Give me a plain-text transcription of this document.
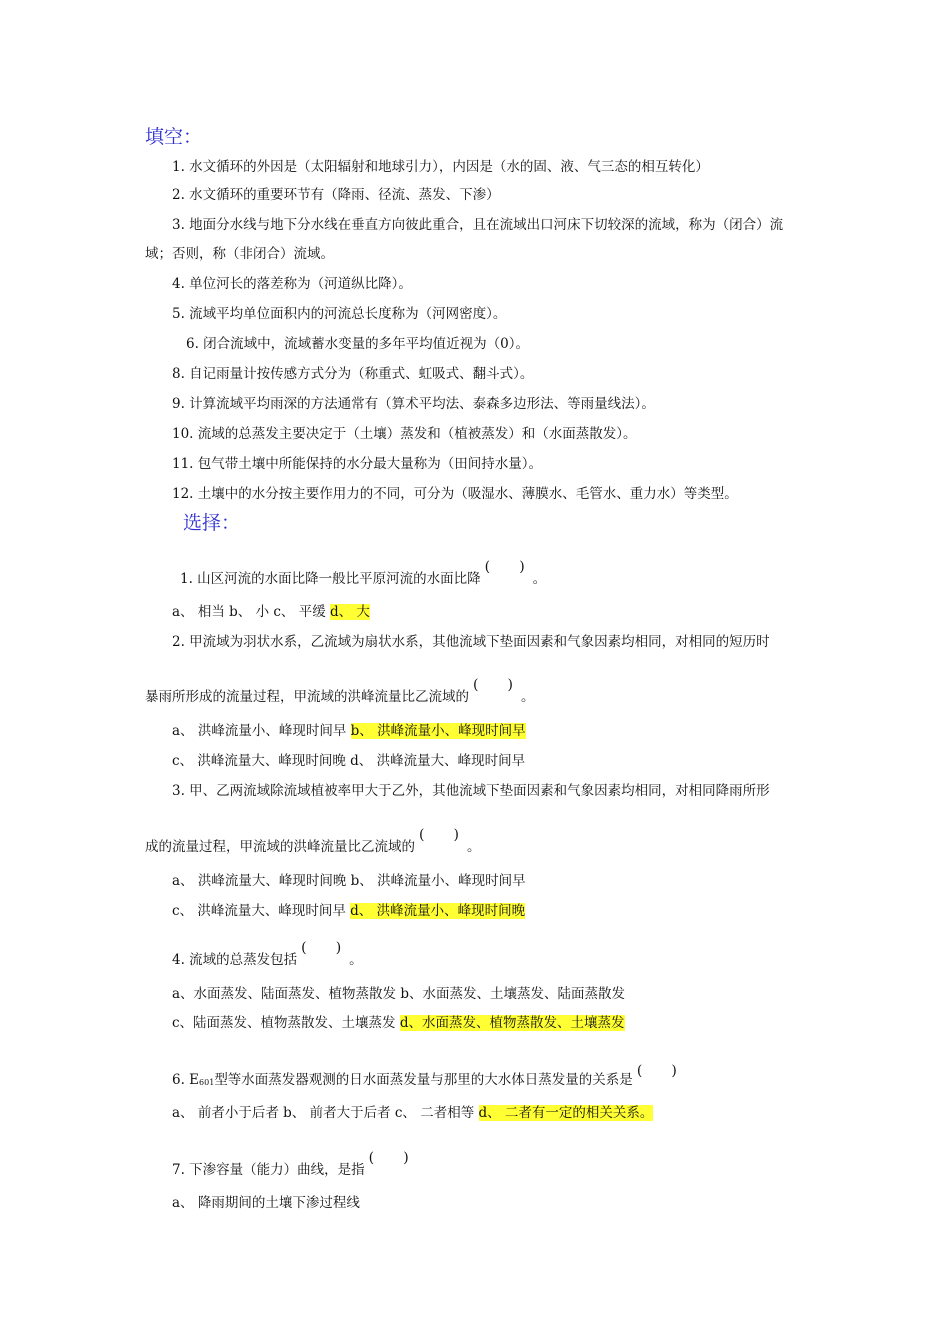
填空：
1. 水文循环的外因是（太阳辐射和地球引力），内因是（水的固、液、气三态的相互转化）
2. 水文循环的重要环节有（降雨、径流、蒸发、下渗）
3. 地面分水线与地下分水线在垂直方向彼此重合，且在流域出口河床下切较深的流域，称为（闭合）流
域；否则，称（非闭合）流域。
4. 单位河长的落差称为（河道纵比降）。
5. 流域平均单位面积内的河流总长度称为（河网密度）。
6. 闭合流域中，流域蓄水变量的多年平均值近视为（0）。
8. 自记雨量计按传感方式分为（称重式、虹吸式、翻斗式）。
9. 计算流域平均雨深的方法通常有（算术平均法、泰森多边形法、等雨量线法）。
10. 流域的总蒸发主要决定于（土壤）蒸发和（植被蒸发）和（水面蒸散发）。
11. 包气带土壤中所能保持的水分最大量称为（田间持水量）。
12. 土壤中的水分按主要作用力的不同，可分为（吸湿水、薄膜水、毛管水、重力水）等类型。
选择：
1. 山区河流的水面比降一般比平原河流的水面比降 ( )	。
a、 相当 b、 小 c、 平缓 d、 大
2. 甲流域为羽状水系，乙流域为扇状水系，其他流域下垫面因素和气象因素均相同，对相同的短历时
暴雨所形成的流量过程，甲流域的洪峰流量比乙流域的 ( )	。
a、 洪峰流量小、峰现时间早 b、 洪峰流量小、峰现时间早
c、 洪峰流量大、峰现时间晚 d、 洪峰流量大、峰现时间早
3. 甲、乙两流域除流域植被率甲大于乙外，其他流域下垫面因素和气象因素均相同，对相同降雨所形
成的流量过程，甲流域的洪峰流量比乙流域的 ( )	。
a、 洪峰流量大、峰现时间晚 b、 洪峰流量小、峰现时间早
c、 洪峰流量大、峰现时间早 d、 洪峰流量小、峰现时间晚
4. 流域的总蒸发包括 ( )	。
a、水面蒸发、陆面蒸发、植物蒸散发 b、水面蒸发、土壤蒸发、陆面蒸散发
c、陆面蒸发、植物蒸散发、土壤蒸发 d、水面蒸发、植物蒸散发、土壤蒸发
6. E601型等水面蒸发器观测的日水面蒸发量与那里的大水体日蒸发量的关系是( )
a、 前者小于后者 b、 前者大于后者 c、 二者相等 d、 二者有一定的相关关系。
7. 下渗容量（能力）曲线，是指( )
a、 降雨期间的土壤下渗过程线
